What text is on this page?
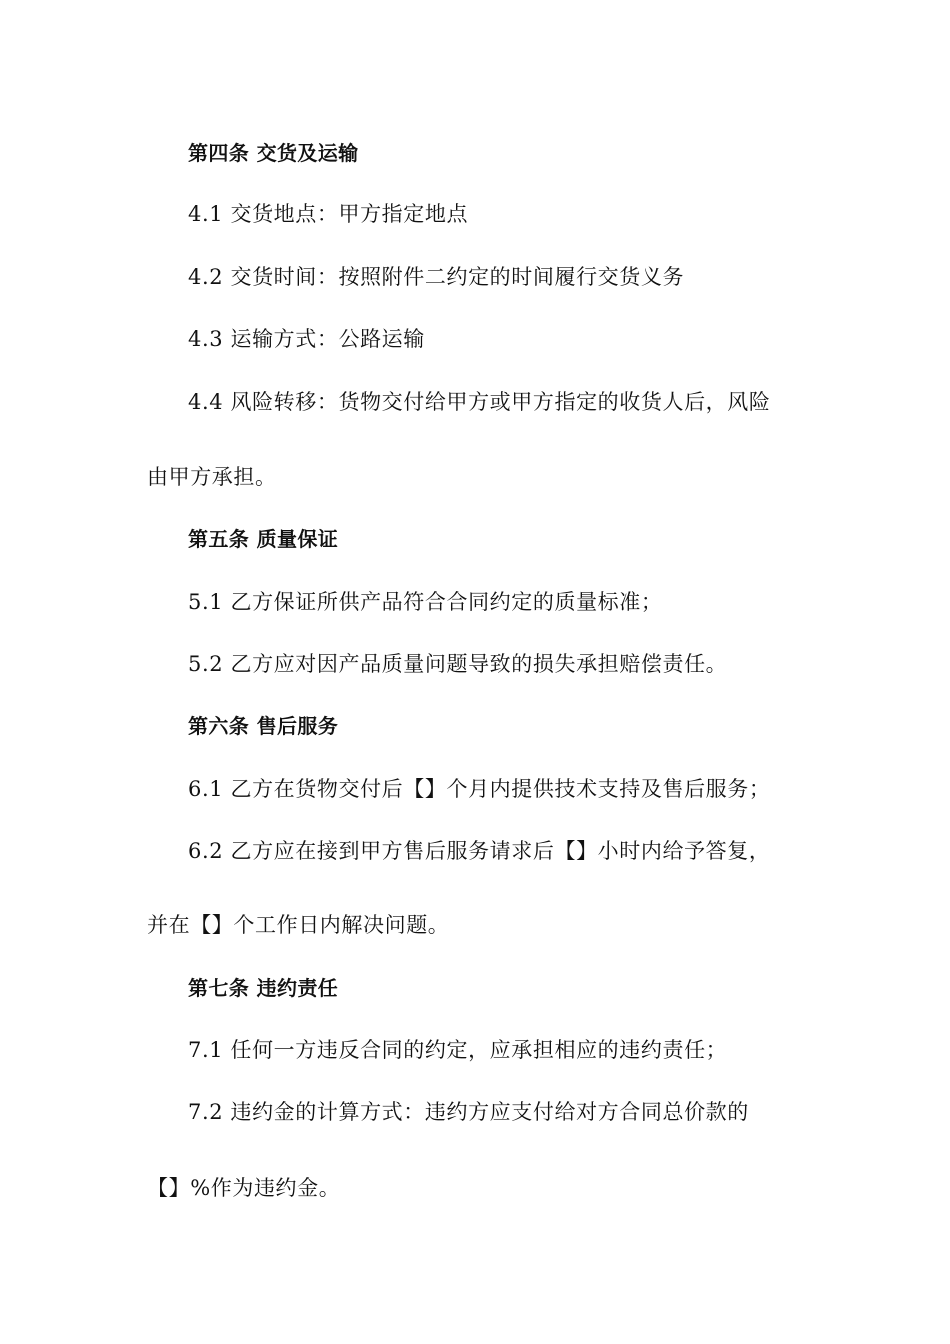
第四条 交货及运输
4.1 交货地点：甲方指定地点
4.2 交货时间：按照附件二约定的时间履行交货义务
4.3 运输方式：公路运输
4.4 风险转移：货物交付给甲方或甲方指定的收货人后，风险
由甲方承担。
第五条 质量保证
5.1 乙方保证所供产品符合合同约定的质量标准；
5.2 乙方应对因产品质量问题导致的损失承担赔偿责任。
第六条 售后服务
6.1 乙方在货物交付后【】个月内提供技术支持及售后服务；
6.2 乙方应在接到甲方售后服务请求后【】小时内给予答复，
并在【】个工作日内解决问题。
第七条 违约责任
7.1 任何一方违反合同的约定，应承担相应的违约责任；
7.2 违约金的计算方式：违约方应支付给对方合同总价款的
【】%作为违约金。
